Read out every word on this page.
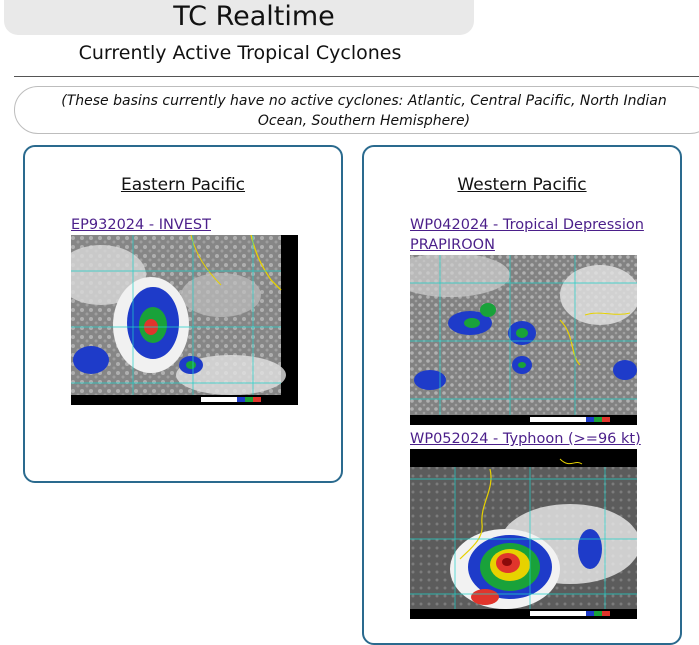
TC Realtime
Currently Active Tropical Cyclones
(These basins currently have no active cyclones: Atlantic, Central Pacific, North Indian Ocean, Southern Hemisphere)
Eastern Pacific
EP932024 - INVEST
Western Pacific
WP042024 - Tropical Depression PRAPIROON
WP052024 - Typhoon (>=96 kt)
